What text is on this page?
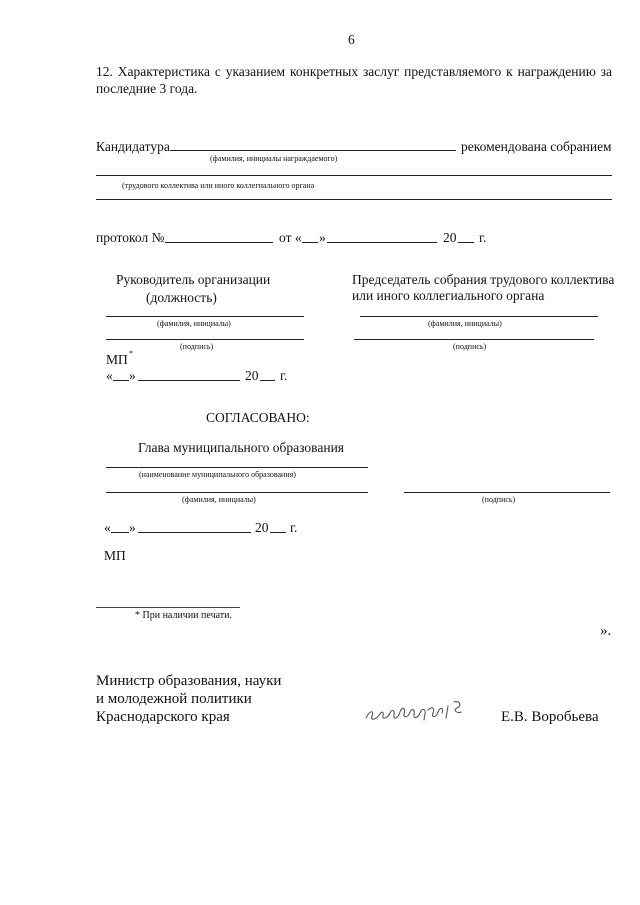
6
12. Характеристика с указанием конкретных заслуг представляемого к награждению за
последние 3 года.
Кандидатура	рекомендована собранием
(фамилия, инициалы награждаемого)
(трудового коллектива или иного коллегиального органа
протокол №	от « »	20 г.
Руководитель организации
(должность)
(фамилия, инициалы)
(подпись)
МП *
« »	20 г.
Председатель собрания трудового коллектива
или иного коллегиального органа
(фамилия, инициалы)
(подпись)
СОГЛАСОВАНО:
Глава муниципального образования
(наименование муниципального образования)
(фамилия, инициалы)	(подпись)
« »	20 г.
МП
* При наличии печати.
».
Министр образования, науки
и молодежной политики
Краснодарского края	Е.В. Воробьева
